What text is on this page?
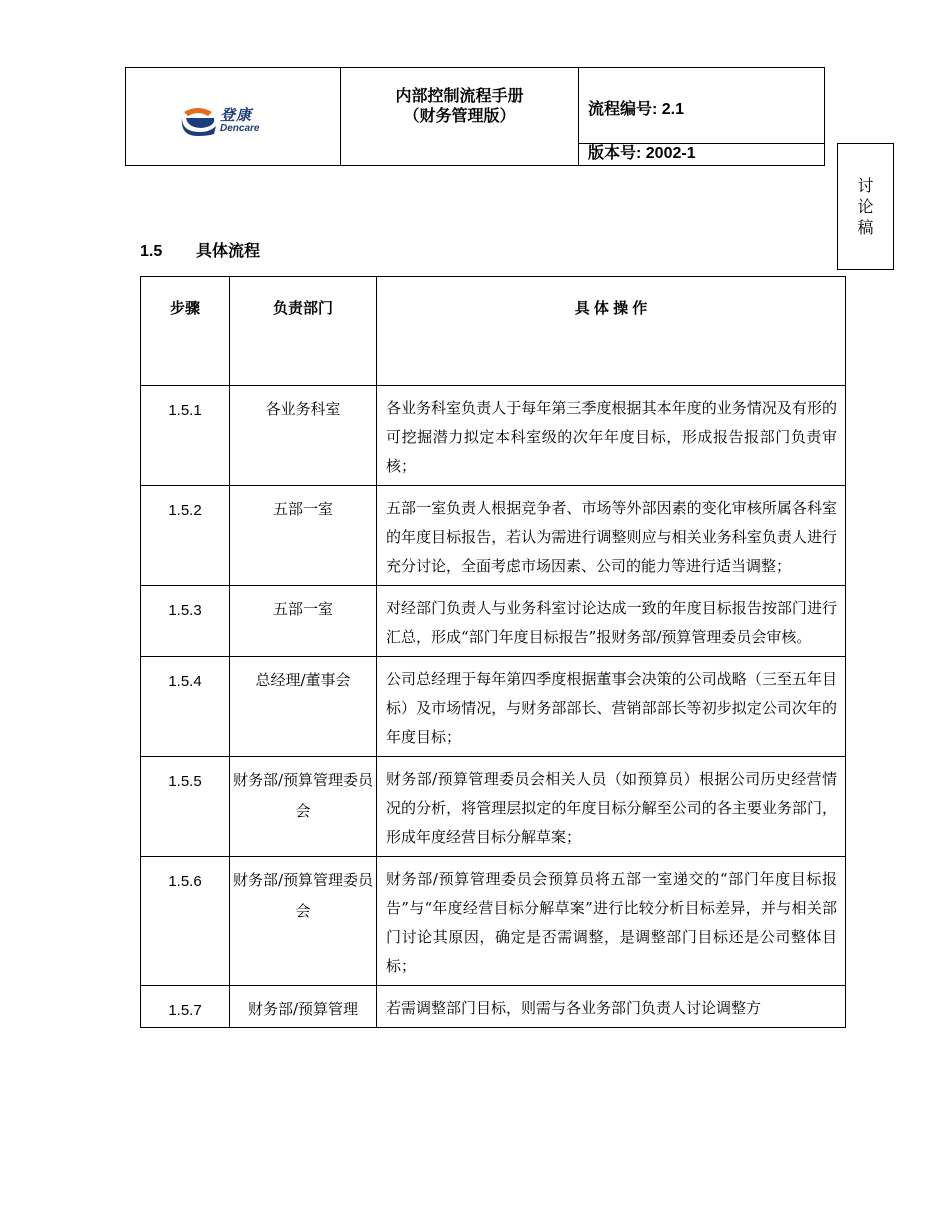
登康
Dencare
内部控制流程手册
（财务管理版）	流程编号: 2.1
版本号: 2002-1
讨
论
稿
1.5 具体流程
步骤	负责部门	具 体 操 作
1.5.1	各业务科室	各业务科室负责人于每年第三季度根据其本年度的业务情况及有形的可挖掘潜力拟定本科室级的次年年度目标，形成报告报部门负责审核；
1.5.2	五部一室	五部一室负责人根据竞争者、市场等外部因素的变化审核所属各科室的年度目标报告，若认为需进行调整则应与相关业务科室负责人进行充分讨论，全面考虑市场因素、公司的能力等进行适当调整；
1.5.3	五部一室	对经部门负责人与业务科室讨论达成一致的年度目标报告按部门进行汇总，形成“部门年度目标报告”报财务部/预算管理委员会审核。
1.5.4	总经理/董事会	公司总经理于每年第四季度根据董事会决策的公司战略（三至五年目标）及市场情况，与财务部部长、营销部部长等初步拟定公司次年的年度目标；
1.5.5	财务部/预算管理委员会	财务部/预算管理委员会相关人员（如预算员）根据公司历史经营情况的分析，将管理层拟定的年度目标分解至公司的各主要业务部门，形成年度经营目标分解草案；
1.5.6	财务部/预算管理委员会	财务部/预算管理委员会预算员将五部一室递交的“部门年度目标报告”与“年度经营目标分解草案”进行比较分析目标差异，并与相关部门讨论其原因，确定是否需调整，是调整部门目标还是公司整体目标；
1.5.7	财务部/预算管理	若需调整部门目标，则需与各业务部门负责人讨论调整方
